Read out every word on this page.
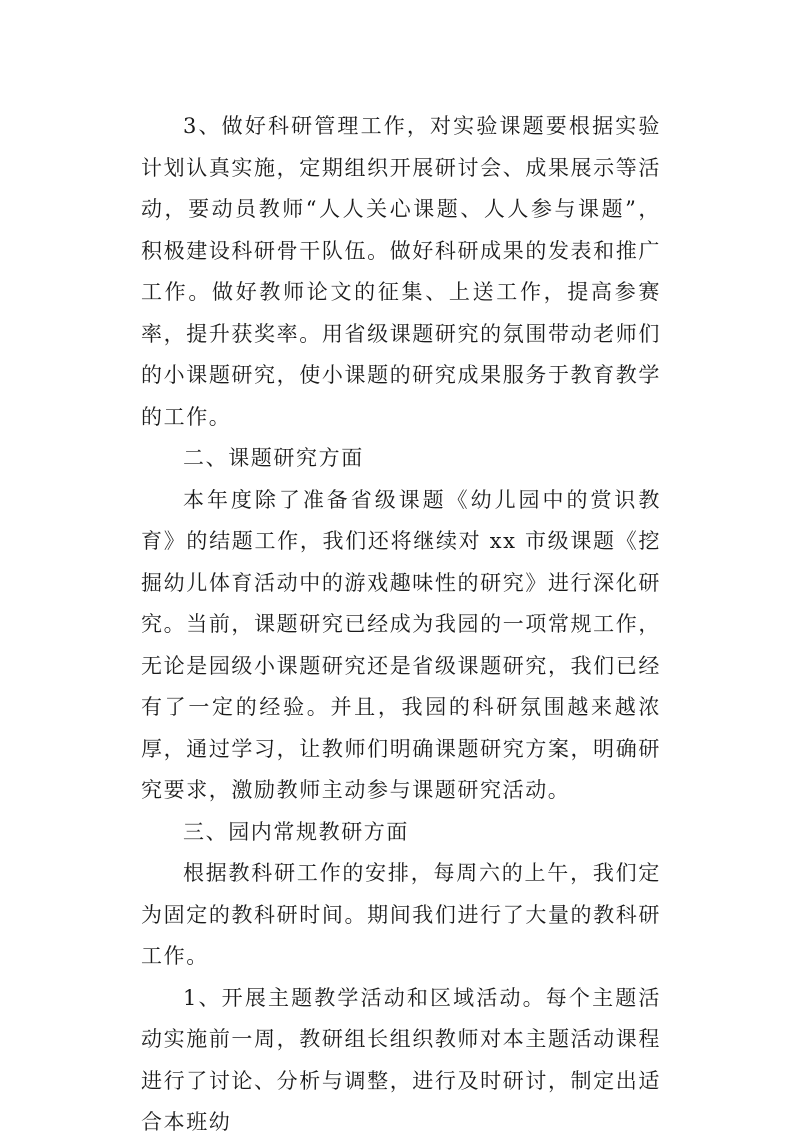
3、做好科研管理工作，对实验课题要根据实验计划认真实施，定期组织开展研讨会、成果展示等活动，要动员教师“人人关心课题、人人参与课题”，积极建设科研骨干队伍。做好科研成果的发表和推广工作。做好教师论文的征集、上送工作，提高参赛率，提升获奖率。用省级课题研究的氛围带动老师们的小课题研究，使小课题的研究成果服务于教育教学的工作。

二、课题研究方面

本年度除了准备省级课题《幼儿园中的赏识教育》的结题工作，我们还将继续对 xx 市级课题《挖掘幼儿体育活动中的游戏趣味性的研究》进行深化研究。当前，课题研究已经成为我园的一项常规工作，无论是园级小课题研究还是省级课题研究，我们已经有了一定的经验。并且，我园的科研氛围越来越浓厚，通过学习，让教师们明确课题研究方案，明确研究要求，激励教师主动参与课题研究活动。

三、园内常规教研方面

根据教科研工作的安排，每周六的上午，我们定为固定的教科研时间。期间我们进行了大量的教科研工作。

1、开展主题教学活动和区域活动。每个主题活动实施前一周，教研组长组织教师对本主题活动课程进行了讨论、分析与调整，进行及时研讨，制定出适合本班幼
